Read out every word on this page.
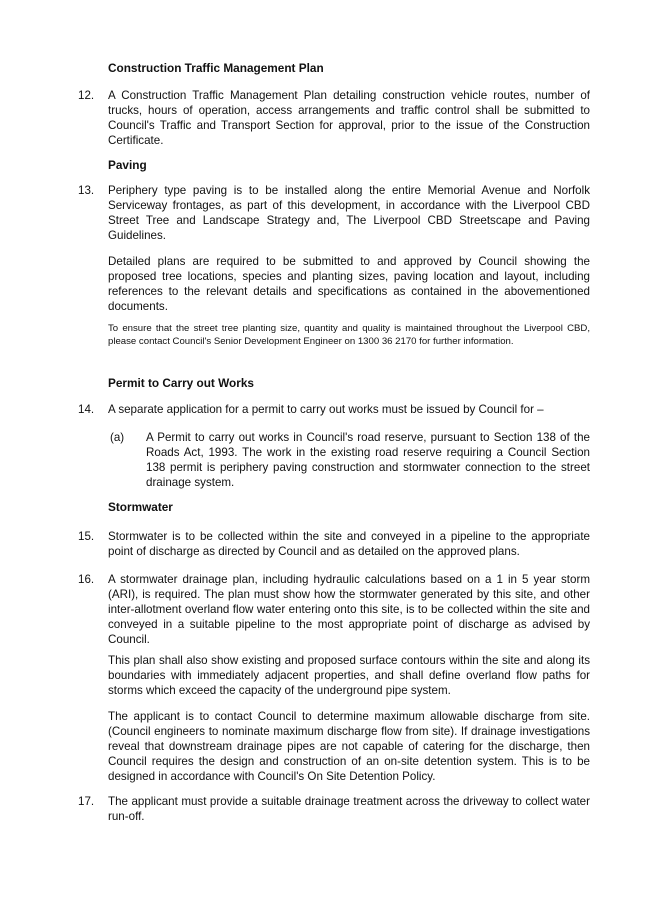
Construction Traffic Management Plan
12. A Construction Traffic Management Plan detailing construction vehicle routes, number of trucks, hours of operation, access arrangements and traffic control shall be submitted to Council's Traffic and Transport Section for approval, prior to the issue of the Construction Certificate.
Paving
13. Periphery type paving is to be installed along the entire Memorial Avenue and Norfolk Serviceway frontages, as part of this development, in accordance with the Liverpool CBD Street Tree and Landscape Strategy and, The Liverpool CBD Streetscape and Paving Guidelines.
Detailed plans are required to be submitted to and approved by Council showing the proposed tree locations, species and planting sizes, paving location and layout, including references to the relevant details and specifications as contained in the abovementioned documents.
To ensure that the street tree planting size, quantity and quality is maintained throughout the Liverpool CBD, please contact Council's Senior Development Engineer on 1300 36 2170 for further information.
Permit to Carry out Works
14. A separate application for a permit to carry out works must be issued by Council for –
(a) A Permit to carry out works in Council's road reserve, pursuant to Section 138 of the Roads Act, 1993. The work in the existing road reserve requiring a Council Section 138 permit is periphery paving construction and stormwater connection to the street drainage system.
Stormwater
15. Stormwater is to be collected within the site and conveyed in a pipeline to the appropriate point of discharge as directed by Council and as detailed on the approved plans.
16. A stormwater drainage plan, including hydraulic calculations based on a 1 in 5 year storm (ARI), is required. The plan must show how the stormwater generated by this site, and other inter-allotment overland flow water entering onto this site, is to be collected within the site and conveyed in a suitable pipeline to the most appropriate point of discharge as advised by Council.
This plan shall also show existing and proposed surface contours within the site and along its boundaries with immediately adjacent properties, and shall define overland flow paths for storms which exceed the capacity of the underground pipe system.
The applicant is to contact Council to determine maximum allowable discharge from site. (Council engineers to nominate maximum discharge flow from site). If drainage investigations reveal that downstream drainage pipes are not capable of catering for the discharge, then Council requires the design and construction of an on-site detention system. This is to be designed in accordance with Council's On Site Detention Policy.
17. The applicant must provide a suitable drainage treatment across the driveway to collect water run-off.
